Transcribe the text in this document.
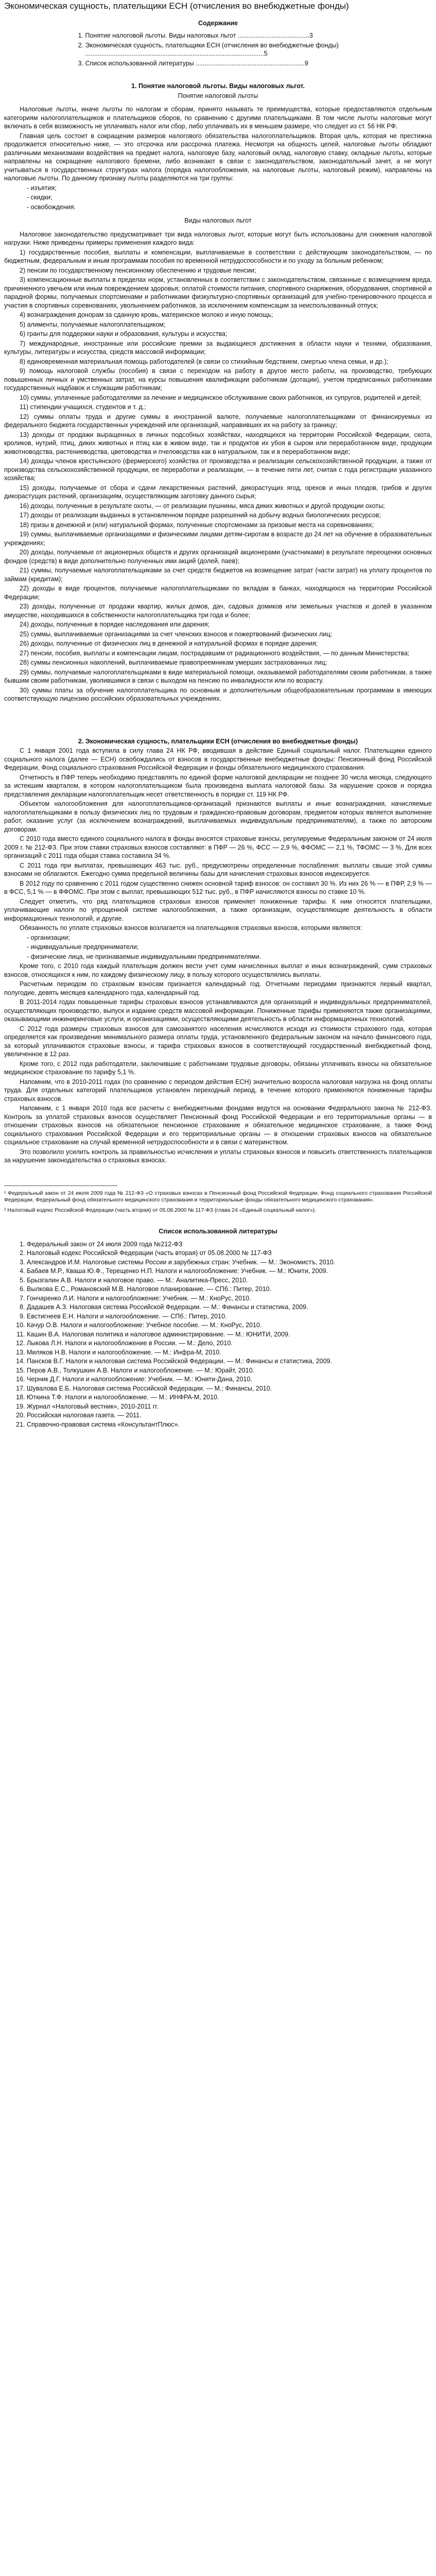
Экономическая сущность, плательщики ЕСН (отчисления во внебюджетные фонды)
Содержание
1. Понятие налоговой льготы. Виды налоговых льгот ........................................3
2. Экономическая сущность, плательщики ЕСН (отчисления во внебюджетные фонды) ....................................................................................................5
3. Список использованной литературы .............................................................9
1. Понятие налоговой льготы. Виды налоговых льгот.
Понятие налоговой льготы

Налоговые льготы, иначе льготы по налогам и сборам, принято называть те преимущества, которые предоставляются отдельным категориям налогоплательщиков и плательщиков сборов, по сравнению с другими плательщиками. В том числе льготы налоговые могут включать в себя возможность не уплачивать налог или сбор, либо уплачивать их в меньшем размере, что следует из ст. 56 НК РФ.

Главная цель состоит в сокращении размеров налогового обязательства налогоплательщиков. Вторая цель, которая не престижна продолжается относительно ниже, — это отсрочка или рассрочка платежа. Несмотря на общность целей, налоговые льготы обладают различными механизмами воздействия на предмет налога, налоговую базу, налоговый оклад, налоговую ставку, окладные льготы, которые направлены на сокращение налогового бремени, либо возникают в связи с законодательством, законодательный зачет, а не могут учитываться в государственных структурах налога (порядка налогообложения, на налоговые льготы, налоговый режим), направлены на налоговые льготы. По данному признаку льготы разделяются на три группы:

- изъятия;

- скидки;

- освобождения.

Виды налоговых льгот

Налоговое законодательство предусматривает три вида налоговых льгот, которые могут быть использованы для снижения налоговой нагрузки. Ниже приведены примеры применения каждого вида:

1) государственные пособия, выплаты и компенсации, выплачиваемые в соответствии с действующим законодательством, — по бюджетным, федеральным и иным программам пособия по временной нетрудоспособности и по уходу за больным ребенком;

2) пенсии по государственному пенсионному обеспечению и трудовые пенсии;

3) компенсационные выплаты в пределах норм, установленных в соответствии с законодательством, связанные с возмещением вреда, причиненного увечьем или иным повреждением здоровья; оплатой стоимости питания, спортивного снаряжения, оборудования, спортивной и парадной формы, получаемых спортсменами и работниками физкультурно-спортивных организаций для учебно-тренировочного процесса и участия в спортивных соревнованиях, увольнением работников, за исключением компенсации за неиспользованный отпуск;

4) вознаграждения донорам за сданную кровь, материнское молоко и иную помощь;

5) алименты, получаемые налогоплательщиком;

6) гранты для поддержки науки и образования, культуры и искусства;

7) международные, иностранные или российские премии за выдающиеся достижения в области науки и техники, образования, культуры, литературы и искусства, средств массовой информации;

8) единовременная материальная помощь работодателей (в связи со стихийным бедствием, смертью члена семьи, и др.);

9) помощь налоговой службы (пособия) в связи с переходом на работу в другое место работы, на производство, требующих повышенных личных и умственных затрат, на курсы повышения квалификации работникам (дотации), учетом предписанных работниками государственных надбавок и служащим работникам;

10) суммы, уплаченные работодателями за лечение и медицинское обслуживание своих работников, их супругов, родителей и детей;

11) стипендии учащихся, студентов и т. д.;

12) суммы оплаты труда и другие суммы в иностранной валюте, получаемые налогоплательщиками от финансируемых из федерального бюджета государственных учреждений или организаций, направивших их на работу за границу;

13) доходы от продажи выращенных в личных подсобных хозяйствах, находящихся на территории Российской Федерации, скота, кроликов, нутрий, птиц, диких животных и птиц как в живом виде, так и продуктов их убоя в сыром или переработанном виде, продукции животноводства, растениеводства, цветоводства и пчеловодства как в натуральном, так и в переработанном виде;

14) доходы членов крестьянского (фермерского) хозяйства от производства и реализации сельскохозяйственной продукции, а также от производства сельскохозяйственной продукции, ее переработки и реализации, — в течение пяти лет, считая с года регистрации указанного хозяйства;

15) доходы, получаемые от сбора и сдачи лекарственных растений, дикорастущих ягод, орехов и иных плодов, грибов и других дикорастущих растений, организациям, осуществляющим заготовку данного сырья;

16) доходы, полученные в результате охоты, — от реализации пушнины, мяса диких животных и другой продукции охоты;

17) доходы от реализации выданных в установленном порядке разрешений на добычу водных биологических ресурсов;

18) призы в денежной и (или) натуральной формах, полученные спортсменами за призовые места на соревнованиях;

19) суммы, выплачиваемые организациями и физическими лицами детям-сиротам в возрасте до 24 лет на обучение в образовательных учреждениях;

20) доходы, получаемые от акционерных обществ и других организаций акционерами (участниками) в результате переоценки основных фондов (средств) в виде дополнительно полученных ими акций (долей, паев);

21) суммы, получаемые налогоплательщиками за счет средств бюджетов на возмещение затрат (части затрат) на уплату процентов по займам (кредитам);

22) доходы в виде процентов, получаемые налогоплательщиками по вкладам в банках, находящихся на территории Российской Федерации;

23) доходы, полученные от продажи квартир, жилых домов, дач, садовых домиков или земельных участков и долей в указанном имуществе, находившихся в собственности налогоплательщика три года и более;

24) доходы, полученные в порядке наследования или дарения;

25) суммы, выплачиваемые организациями за счет членских взносов и пожертвований физических лиц;

26) доходы, полученные от физических лиц в денежной и натуральной формах в порядке дарения;

27) пенсии, пособия, выплаты и компенсации лицам, пострадавшим от радиационного воздействия, — по данным Министерства;

28) суммы пенсионных накоплений, выплачиваемые правопреемникам умерших застрахованных лиц;

29) суммы, получаемые налогоплательщиками в виде материальной помощи, оказываемой работодателями своим работникам, а также бывшим своим работникам, уволившимся в связи с выходом на пенсию по инвалидности или по возрасту.

30) суммы платы за обучение налогоплательщика по основным и дополнительным общеобразовательным программам в имеющих соответствующую лицензию российских образовательных учреждениях.

2. Экономическая сущность, плательщики ЕСН (отчисления во внебюджетные фонды)

С 1 января 2001 года вступила в силу глава 24 НК РФ, вводившая в действие Единый социальный налог. Плательщики единого социального налога (далее — ЕСН) освобождались от взносов в государственные внебюджетные фонды: Пенсионный фонд Российской Федерации, Фонд социального страхования Российской Федерации и фонды обязательного медицинского страхования.

Отчетность в ПФР теперь необходимо представлять по единой форме налоговой декларации не позднее 30 числа месяца, следующего за истекшим кварталом, в котором налогоплательщиком была произведена выплата налоговой базы. За нарушение сроков и порядка представления декларации налогоплательщик несет ответственность в порядке ст. 119 НК РФ.

Объектом налогообложения для налогоплательщиков-организаций признаются выплаты и иные вознаграждения, начисляемые налогоплательщиками в пользу физических лиц по трудовым и гражданско-правовым договорам, предметом которых является выполнение работ, оказание услуг (за исключением вознаграждений, выплачиваемых индивидуальным предпринимателям), а также по авторским договорам.

С 2010 года вместо единого социального налога в фонды вносятся страховые взносы, регулируемые Федеральным законом от 24 июля 2009 г. № 212-ФЗ. При этом ставки страховых взносов составляют: в ПФР — 26 %, ФСС — 2,9 %, ФФОМС — 2,1 %, ТФОМС — 3 %. Для всех организаций с 2011 года общая ставка составила 34 %.

С 2011 года при выплатах, превышающих 463 тыс. руб., предусмотрены определенные послабления: выплаты свыше этой суммы взносами не облагаются. Ежегодно сумма предельной величины базы для начисления страховых взносов индексируется.

В 2012 году по сравнению с 2011 годом существенно снижен основной тариф взносов: он составил 30 %. Из них 26 % — в ПФР, 2,9 % — в ФСС, 5,1 % — в ФФОМС. При этом с выплат, превышающих 512 тыс. руб., в ПФР начисляются взносы по ставке 10 %.

Следует отметить, что ряд плательщиков страховых взносов применяет пониженные тарифы. К ним относятся плательщики, уплачивающие налоги по упрощенной системе налогообложения, а также организации, осуществляющие деятельность в области информационных технологий, и другие.

Обязанность по уплате страховых взносов возлагается на плательщиков страховых взносов, которыми являются:

- организации;

- индивидуальные предприниматели;

- физические лица, не признаваемые индивидуальными предпринимателями.

Кроме того, с 2010 года каждый плательщик должен вести учет сумм начисленных выплат и иных вознаграждений, сумм страховых взносов, относящихся к ним, по каждому физическому лицу, в пользу которого осуществлялись выплаты.

Расчетным периодом по страховым взносам признается календарный год. Отчетными периодами признаются первый квартал, полугодие, девять месяцев календарного года, календарный год.

В 2011-2014 годах повышенные тарифы страховых взносов устанавливаются для организаций и индивидуальных предпринимателей, осуществляющих производство, выпуск и издание средств массовой информации. Пониженные тарифы применяются также организациями, оказывающими инжиниринговые услуги, и организациями, осуществляющими деятельность в области информационных технологий.

С 2012 года размеры страховых взносов для самозанятого населения исчисляются исходя из стоимости страхового года, которая определяется как произведение минимального размера оплаты труда, установленного федеральным законом на начало финансового года, за который уплачиваются страховые взносы, и тарифа страховых взносов в соответствующий государственный внебюджетный фонд, увеличенное в 12 раз.

Кроме того, с 2012 года работодатели, заключившие с работниками трудовые договоры, обязаны уплачивать взносы на обязательное медицинское страхование по тарифу 5,1 %.

Напомним, что в 2010-2011 годах (по сравнению с периодом действия ЕСН) значительно возросла налоговая нагрузка на фонд оплаты труда. Для отдельных категорий плательщиков установлен переходный период, в течение которого применяются пониженные тарифы страховых взносов.

Напомним, с 1 января 2010 года все расчеты с внебюджетными фондами ведутся на основании Федерального закона № 212-ФЗ. Контроль за уплатой страховых взносов осуществляет Пенсионный фонд Российской Федерации и его территориальные органы — в отношении страховых взносов на обязательное пенсионное страхование и обязательное медицинское страхование, а также Фонд социального страхования Российской Федерации и его территориальные органы — в отношении страховых взносов на обязательное социальное страхование на случай временной нетрудоспособности и в связи с материнством.

Это позволило усилить контроль за правильностью исчисления и уплаты страховых взносов и повысить ответственность плательщиков за нарушение законодательства о страховых взносах.

¹ Федеральный закон от 24 июля 2009 года № 212-ФЗ «О страховых взносах в Пенсионный фонд Российской Федерации, Фонд социального страхования Российской Федерации, Федеральный фонд обязательного медицинского страхования и территориальные фонды обязательного медицинского страхования».

² Налоговый кодекс Российской Федерации (часть вторая) от 05.08.2000 № 117-ФЗ (глава 24 «Единый социальный налог»).

Список использованной литературы
1. Федеральный закон от 24 июля 2009 года №212-ФЗ
2. Налоговый кодекс Российской Федерации (часть вторая) от 05.08.2000 № 117-ФЗ
3. Александров И.М. Налоговые системы России и зарубежных стран: Учебник. — М.: Экономистъ, 2010.
4. Бабаев М.Р., Кваша Ю.Ф., Терещенко Н.П. Налоги и налогообложение: Учебник. — М.: Юнити, 2009.
5. Брызгалин А.В. Налоги и налоговое право. — М.: Аналитика-Пресс, 2010.
6. Вылкова Е.С., Романовский М.В. Налоговое планирование. — СПб.: Питер, 2010.
7. Гончаренко Л.И. Налоги и налогообложение: Учебник. — М.: КноРус, 2010.
8. Дадашев А.З. Налоговая система Российской Федерации. — М.: Финансы и статистика, 2009.
9. Евстигнеев Е.Н. Налоги и налогообложение. — СПб.: Питер, 2010.
10. Качур О.В. Налоги и налогообложение: Учебное пособие. — М.: КноРус, 2010.
11. Кашин В.А. Налоговая политика и налоговое администрирование. — М.: ЮНИТИ, 2009.
12. Лыкова Л.Н. Налоги и налогообложение в России. — М.: Дело, 2010.
13. Миляков Н.В. Налоги и налогообложение. — М.: Инфра-М, 2010.
14. Пансков В.Г. Налоги и налоговая система Российской Федерации. — М.: Финансы и статистика, 2009.
15. Перов А.В., Толкушкин А.В. Налоги и налогообложение. — М.: Юрайт, 2010.
16. Черник Д.Г. Налоги и налогообложение: Учебник. — М.: Юнити-Дана, 2010.
17. Шувалова Е.Б. Налоговая система Российской Федерации. — М.: Финансы, 2010.
18. Юткина Т.Ф. Налоги и налогообложение. — М.: ИНФРА-М, 2010.
19. Журнал «Налоговый вестник», 2010-2011 гг.
20. Российская налоговая газета. — 2011.
21. Справочно-правовая система «КонсультантПлюс».
